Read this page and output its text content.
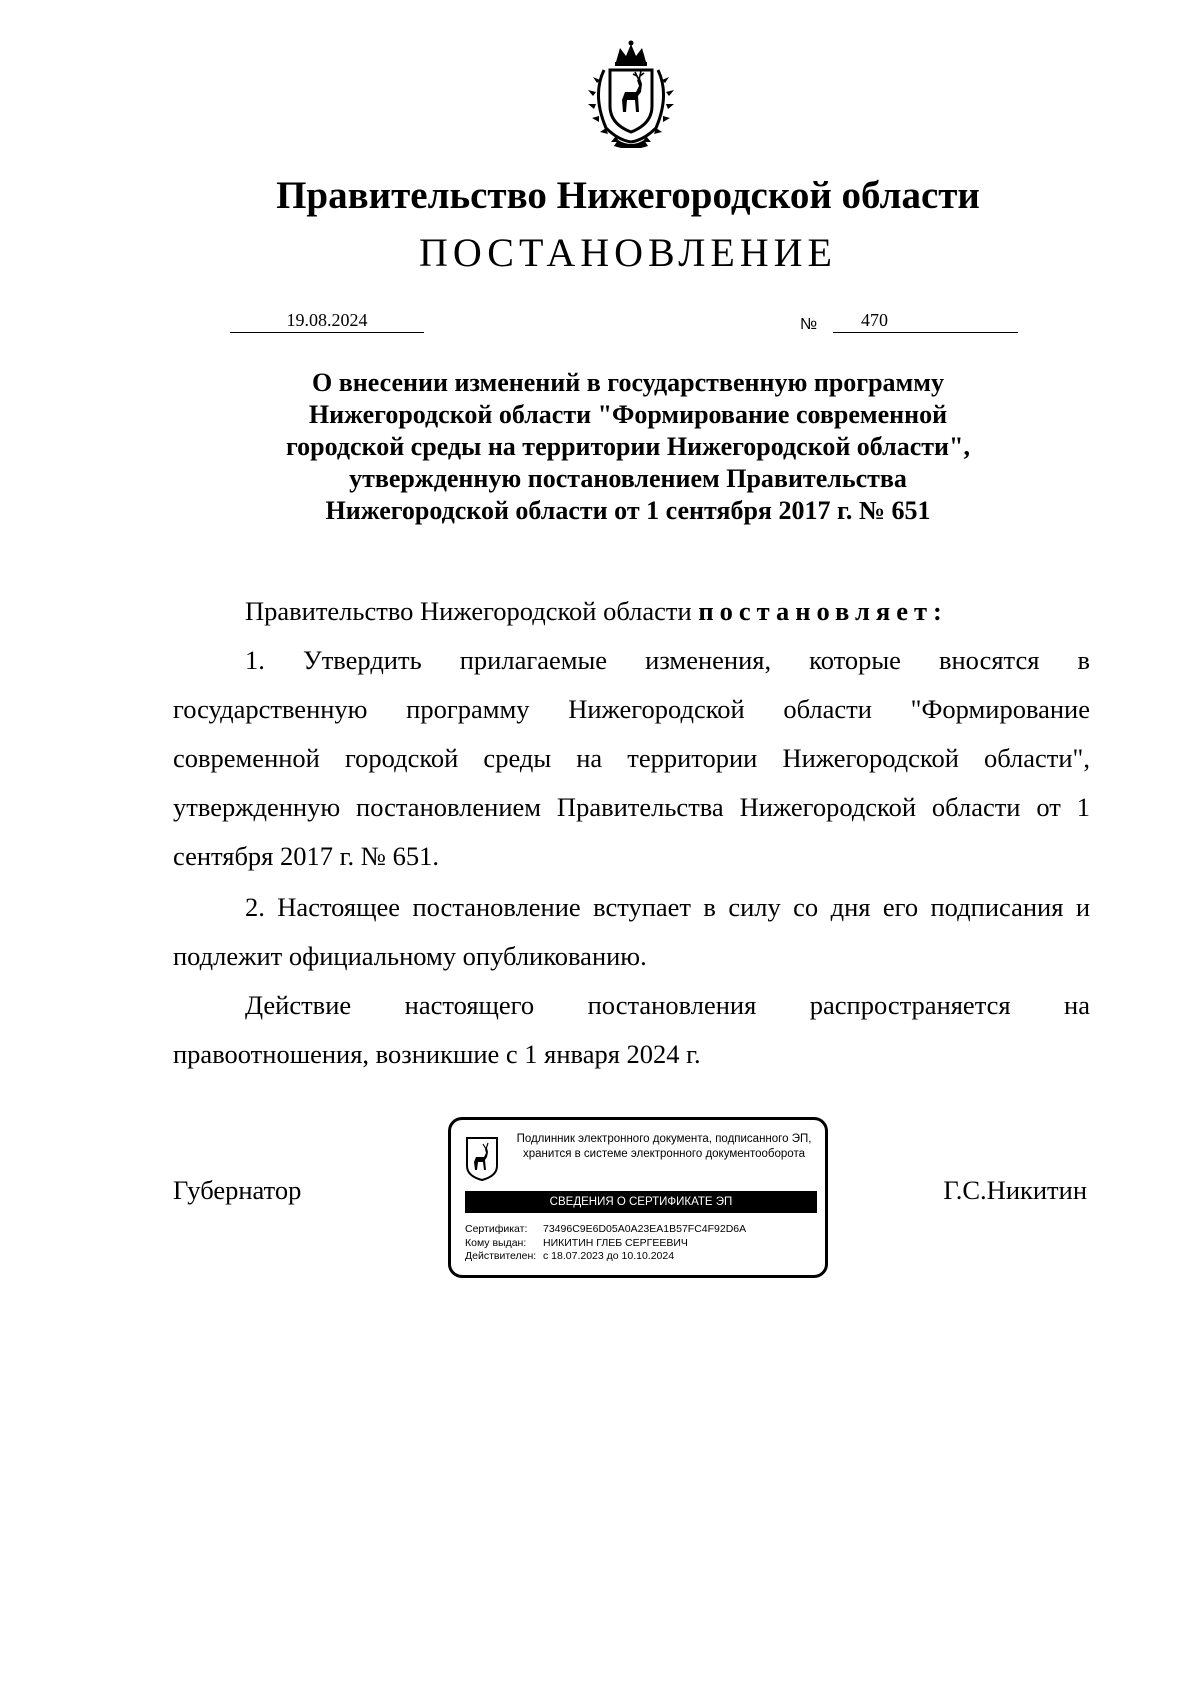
Правительство Нижегородской области
ПОСТАНОВЛЕНИЕ
19.08.2024	№	470
О внесении изменений в государственную программу
Нижегородской области "Формирование современной
городской среды на территории Нижегородской области",
утвержденную постановлением Правительства
Нижегородской области от 1 сентября 2017 г. № 651
Правительство Нижегородской области постановляет:
1. Утвердить прилагаемые изменения, которые вносятся в государственную программу Нижегородской области "Формирование современной городской среды на территории Нижегородской области", утвержденную постановлением Правительства Нижегородской области от 1 сентября 2017 г. № 651.
2. Настоящее постановление вступает в силу со дня его подписания и подлежит официальному опубликованию.
Действие настоящего постановления распространяется на правоотношения, возникшие с 1 января 2024 г.
Губернатор	Г.С.Никитин
Подлинник электронного документа, подписанного ЭП,
хранится в системе электронного документооборота
СВЕДЕНИЯ О СЕРТИФИКАТЕ ЭП
Сертификат: 73496C9E6D05A0A23EA1B57FC4F92D6A
Кому выдан: НИКИТИН ГЛЕБ СЕРГЕЕВИЧ
Действителен: с 18.07.2023 до 10.10.2024
